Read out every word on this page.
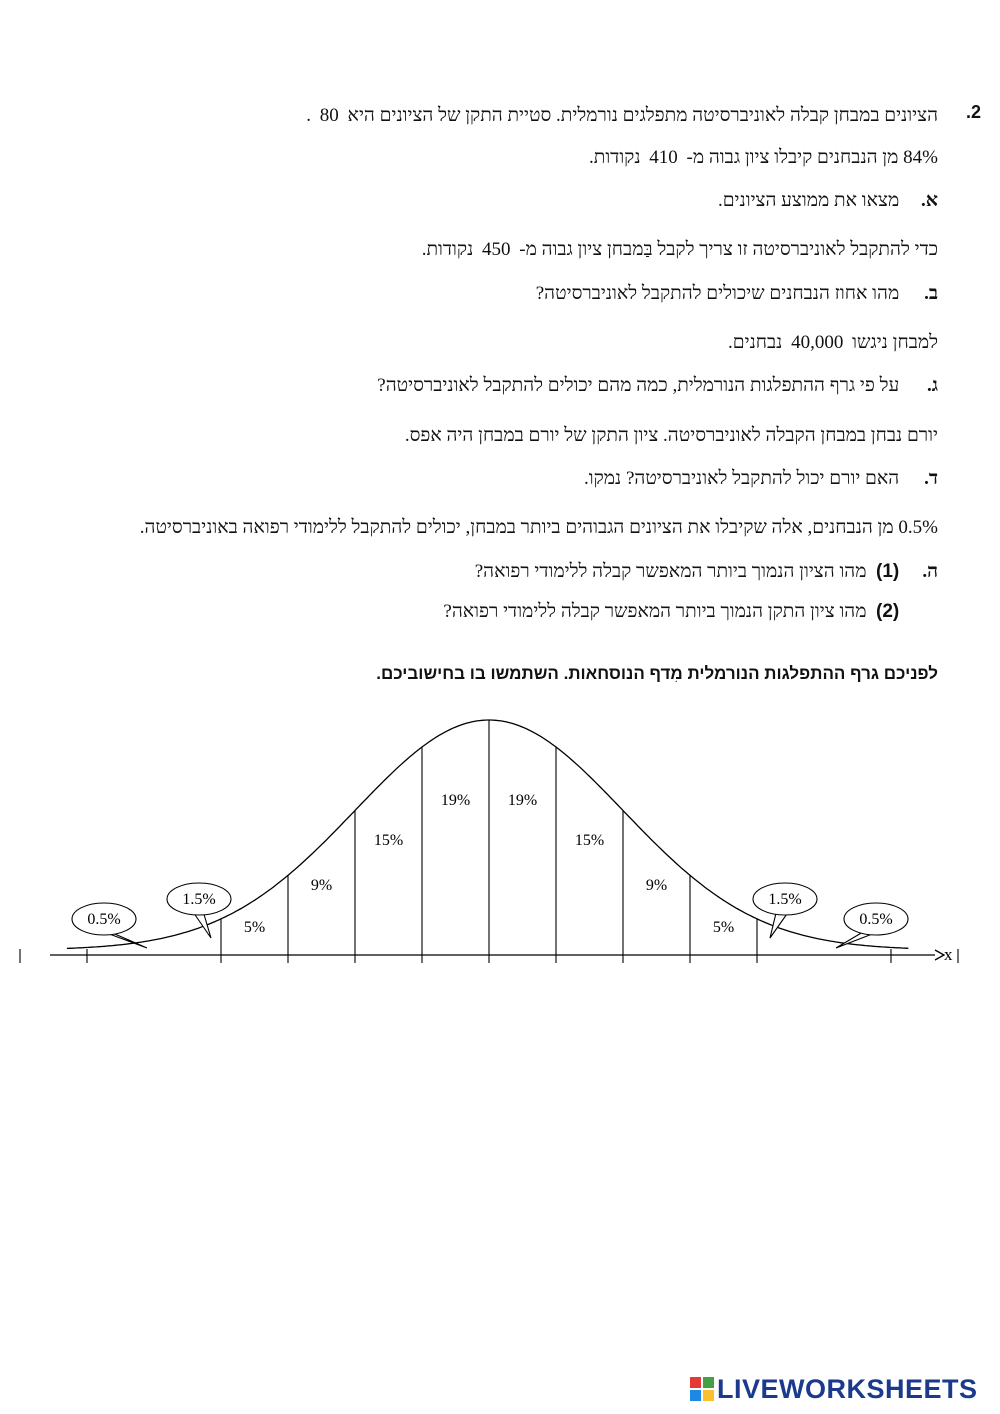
.2
הציונים במבחן קבלה לאוניברסיטה מתפלגים נורמלית. סטיית התקן של הציונים היא 80 .
84% מן הנבחנים קיבלו ציון גבוה מ- 410 נקודות.
א. מצאו את ממוצע הציונים.
כדי להתקבל לאוניברסיטה זו צריך לקבל בַּמבחן ציון גבוה מ- 450 נקודות.
ב. מהו אחוז הנבחנים שיכולים להתקבל לאוניברסיטה?
למבחן ניגשו 40,000 נבחנים.
ג. על פי גרף ההתפלגות הנורמלית, כמה מהם יכולים להתקבל לאוניברסיטה?
יורם נבחן במבחן הקבלה לאוניברסיטה. ציון התקן של יורם במבחן היה אפס.
ד. האם יורם יכול להתקבל לאוניברסיטה? נמקו.
0.5% מן הנבחנים, אלה שקיבלו את הציונים הגבוהים ביותר במבחן, יכולים להתקבל ללימודי רפואה באוניברסיטה.
ה. (1) מהו הציון הנמוך ביותר המאפשר קבלה ללימודי רפואה?
(2) מהו ציון התקן הנמוך ביותר המאפשר קבלה ללימודי רפואה?
לפניכם גרף ההתפלגות הנורמלית מִדף הנוסחאות. השתמשו בו בחישוביכם.
x
5%
9%
15%
19% 19%
15%
9%
5%
0.5%
1.5%	1.5%
0.5%
LIVEWORKSHEETS
